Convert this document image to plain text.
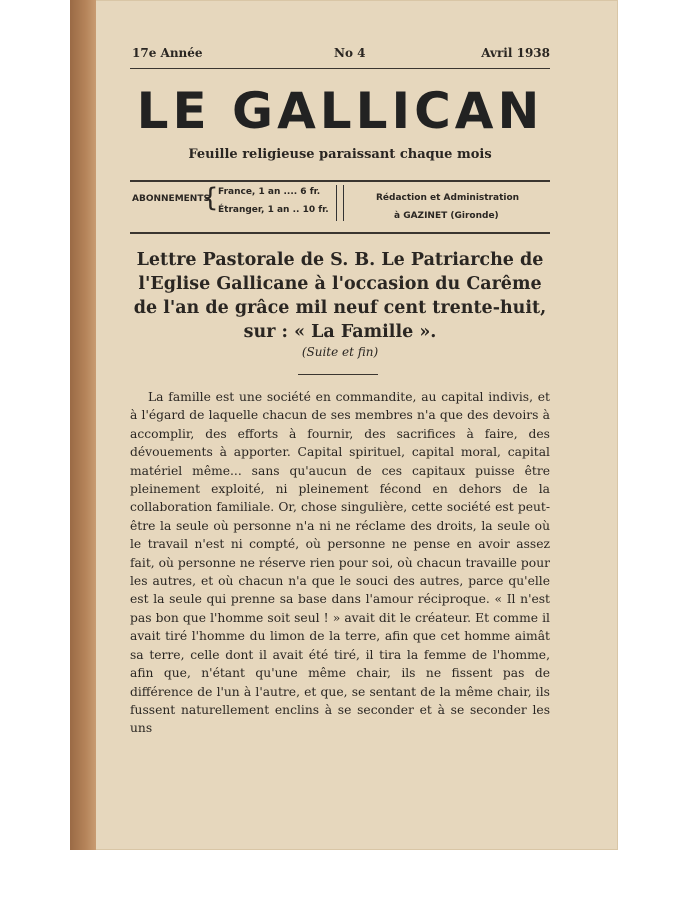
17e Année	No 4	Avril 1938
LE GALLICAN
Feuille religieuse paraissant chaque mois
ABONNEMENTS
{ France, 1 an .... 6 fr.
Étranger, 1 an .. 10 fr.
Rédaction et Administration
à GAZINET (Gironde)
Lettre Pastorale de S. B. Le Patriarche de l'Eglise Gallicane à l'occasion du Carême de l'an de grâce mil neuf cent trente-huit, sur : « La Famille ».
(Suite et fin)
La famille est une société en commandite, au capital indivis, et à l'égard de laquelle chacun de ses membres n'a que des devoirs à accomplir, des efforts à fournir, des sacrifices à faire, des dévouements à apporter. Capital spirituel, capital moral, capital matériel même... sans qu'aucun de ces capitaux puisse être pleinement exploité, ni pleinement fécond en dehors de la collaboration familiale. Or, chose singulière, cette société est peut-être la seule où personne n'a ni ne réclame des droits, la seule où le travail n'est ni compté, où personne ne pense en avoir assez fait, où personne ne réserve rien pour soi, où chacun travaille pour les autres, et où chacun n'a que le souci des autres, parce qu'elle est la seule qui prenne sa base dans l'amour réciproque. « Il n'est pas bon que l'homme soit seul ! » avait dit le créateur. Et comme il avait tiré l'homme du limon de la terre, afin que cet homme aimât sa terre, celle dont il avait été tiré, il tira la femme de l'homme, afin que, n'étant qu'une même chair, ils ne fissent pas de différence de l'un à l'autre, et que, se sentant de la même chair, ils fussent naturellement enclins à se seconder et à se seconder les uns
